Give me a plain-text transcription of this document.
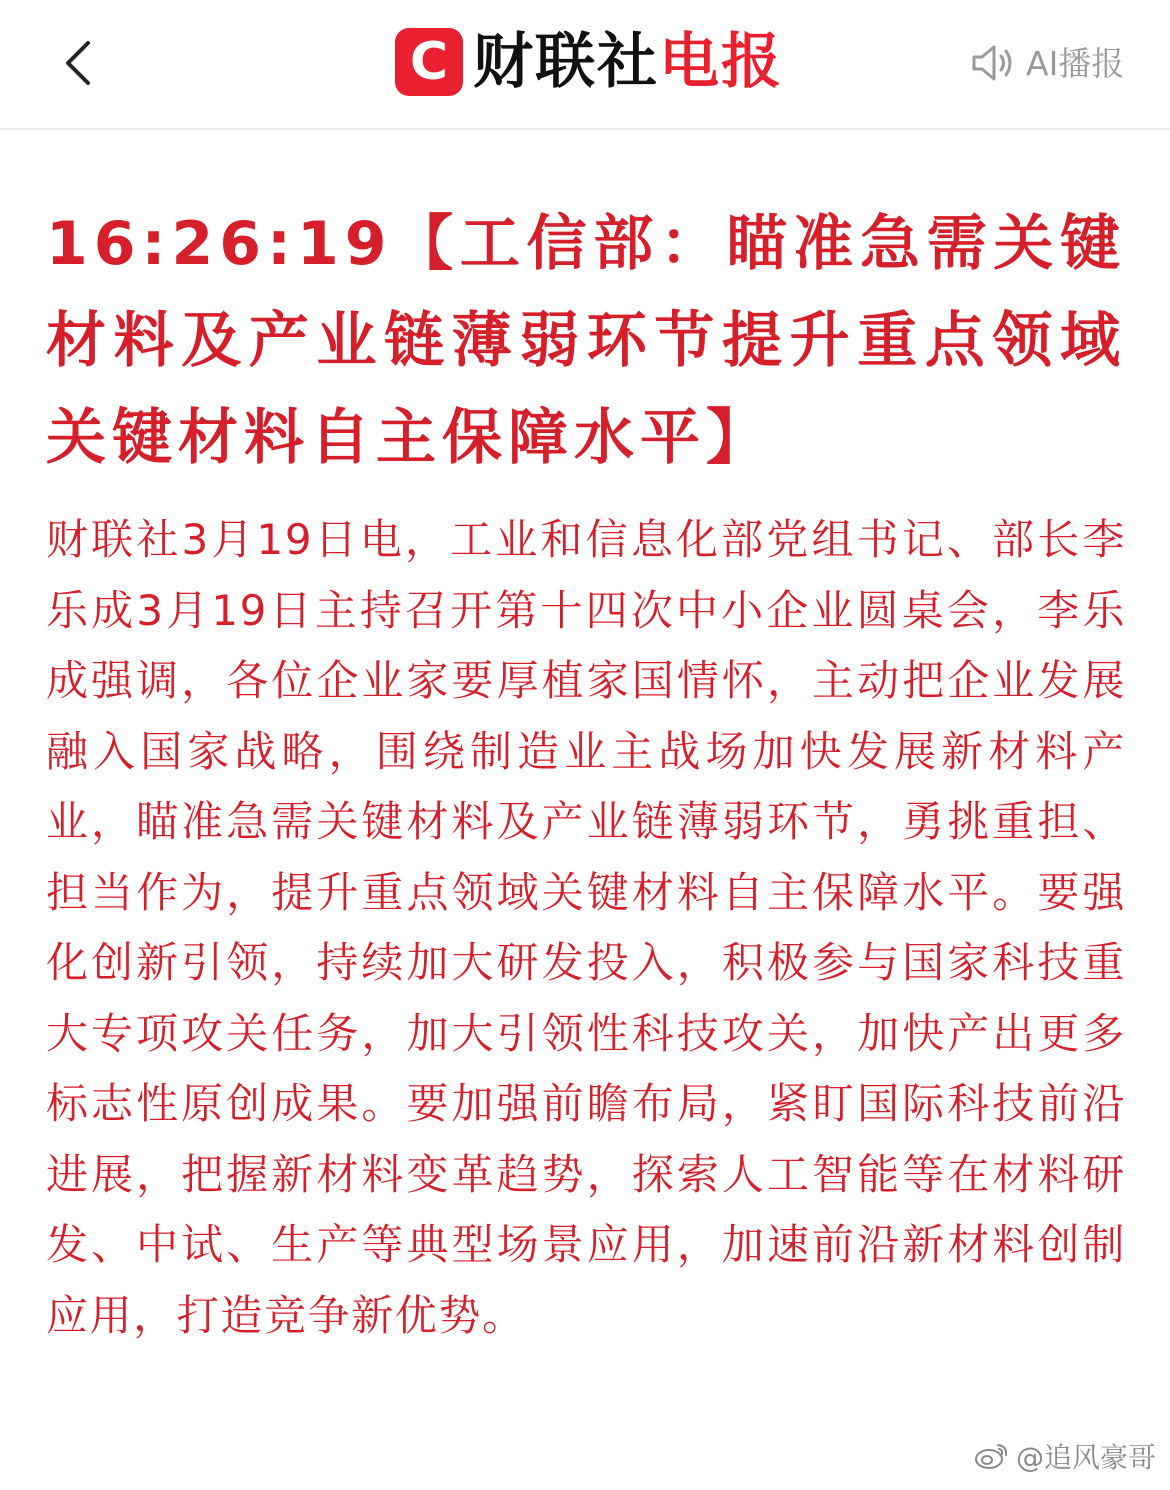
C 财联社电报	AI播报

16:26:19【工信部：瞄准急需关键材料及产业链薄弱环节提升重点领域关键材料自主保障水平】

财联社3月19日电，工业和信息化部党组书记、部长李乐成3月19日主持召开第十四次中小企业圆桌会，李乐成强调，各位企业家要厚植家国情怀，主动把企业发展融入国家战略，围绕制造业主战场加快发展新材料产业，瞄准急需关键材料及产业链薄弱环节，勇挑重担、担当作为，提升重点领域关键材料自主保障水平。要强化创新引领，持续加大研发投入，积极参与国家科技重大专项攻关任务，加大引领性科技攻关，加快产出更多标志性原创成果。要加强前瞻布局，紧盯国际科技前沿进展，把握新材料变革趋势，探索人工智能等在材料研发、中试、生产等典型场景应用，加速前沿新材料创制应用，打造竞争新优势。

@追风豪哥
